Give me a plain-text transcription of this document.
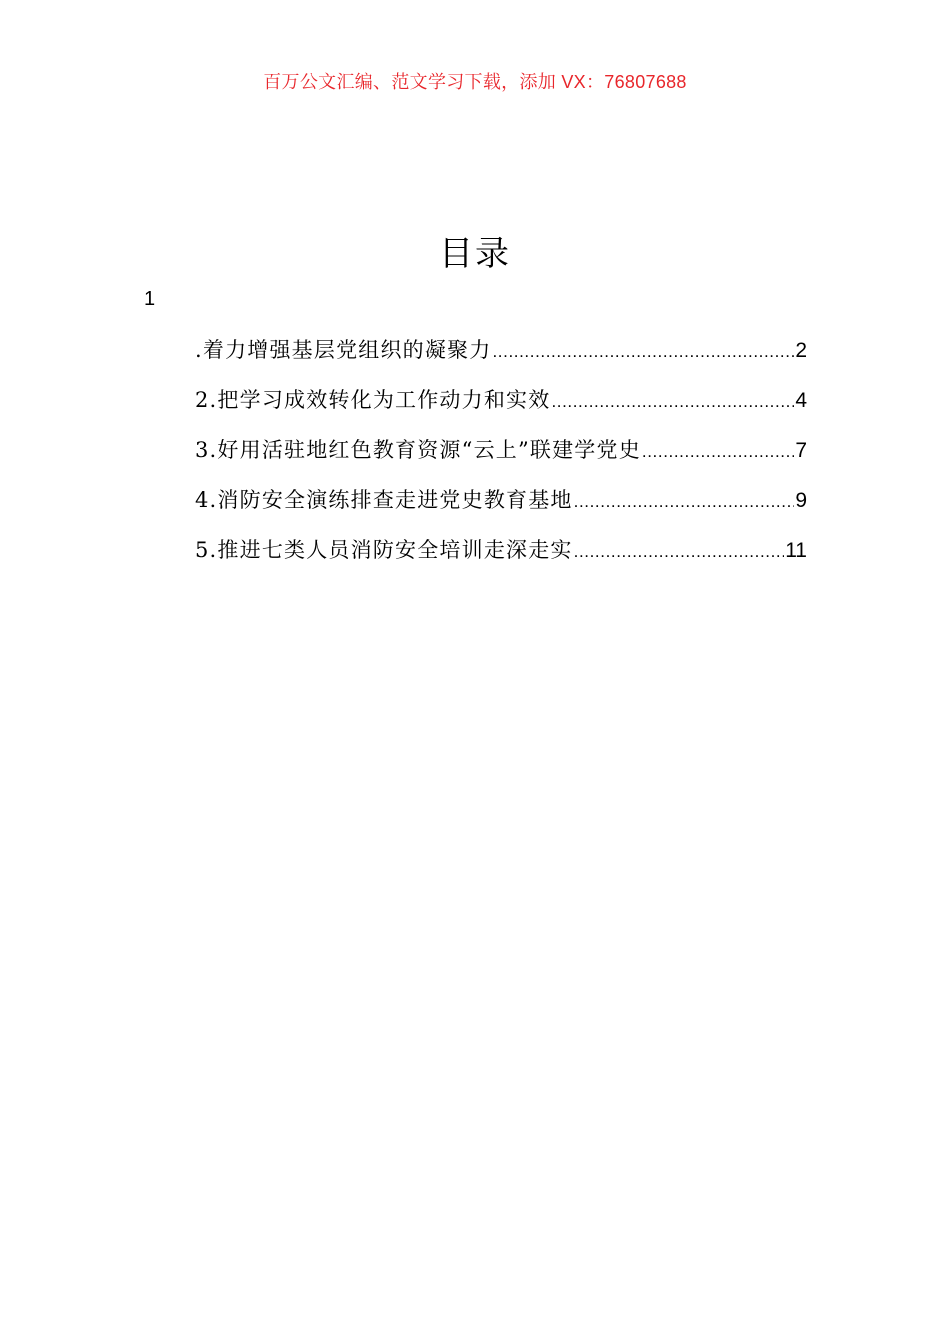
百万公文汇编、范文学习下载，添加 VX：76807688
目录
1
.着力增强基层党组织的凝聚力 .....	2
2.把学习成效转化为工作动力和实效 .....	4
3.好用活驻地红色教育资源“云上”联建学党史 .....	7
4.消防安全演练排查走进党史教育基地 .....	9
5.推进七类人员消防安全培训走深走实 .....	11
